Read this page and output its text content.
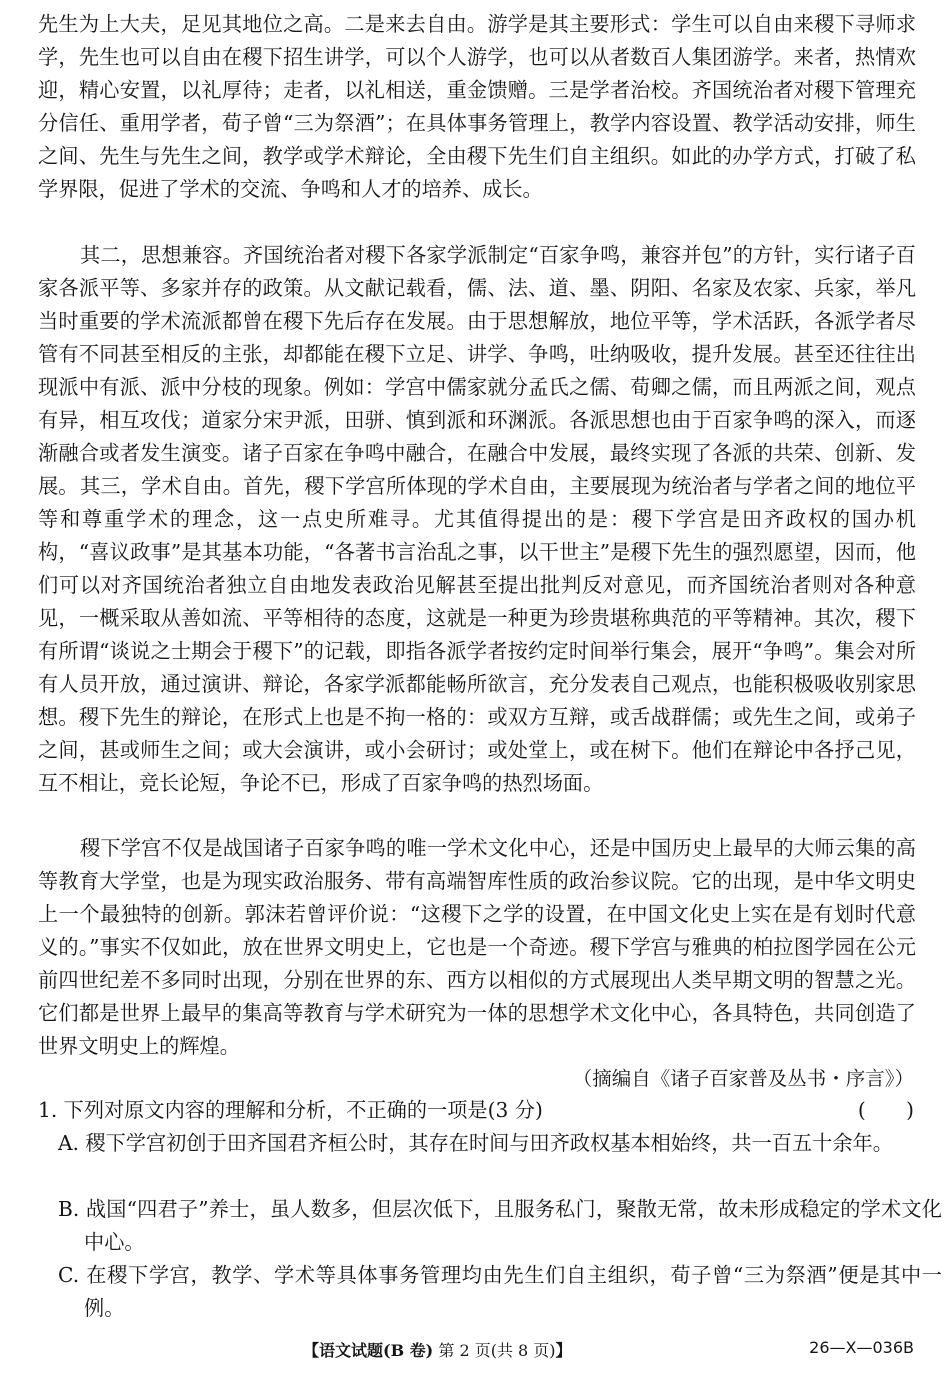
先生为上大夫，足见其地位之高。二是来去自由。游学是其主要形式：学生可以自由来稷下寻师求学，先生也可以自由在稷下招生讲学，可以个人游学，也可以从者数百人集团游学。来者，热情欢迎，精心安置，以礼厚待；走者，以礼相送，重金馈赠。三是学者治校。齐国统治者对稷下管理充分信任、重用学者，荀子曾“三为祭酒”；在具体事务管理上，教学内容设置、教学活动安排，师生之间、先生与先生之间，教学或学术辩论，全由稷下先生们自主组织。如此的办学方式，打破了私学界限，促进了学术的交流、争鸣和人才的培养、成长。

其二，思想兼容。齐国统治者对稷下各家学派制定“百家争鸣，兼容并包”的方针，实行诸子百家各派平等、多家并存的政策。从文献记载看，儒、法、道、墨、阴阳、名家及农家、兵家，举凡当时重要的学术流派都曾在稷下先后存在发展。由于思想解放，地位平等，学术活跃，各派学者尽管有不同甚至相反的主张，却都能在稷下立足、讲学、争鸣，吐纳吸收，提升发展。甚至还往往出现派中有派、派中分枝的现象。例如：学宫中儒家就分孟氏之儒、荀卿之儒，而且两派之间，观点有异，相互攻伐；道家分宋尹派，田骈、慎到派和环渊派。各派思想也由于百家争鸣的深入，而逐渐融合或者发生演变。诸子百家在争鸣中融合，在融合中发展，最终实现了各派的共荣、创新、发展。 其三，学术自由。首先，稷下学宫所体现的学术自由，主要展现为统治者与学者之间的地位平等和尊重学术的理念，这一点史所难寻。尤其值得提出的是：稷下学宫是田齐政权的国办机构，“喜议政事”是其基本功能，“各著书言治乱之事，以干世主”是稷下先生的强烈愿望，因而，他们可以对齐国统治者独立自由地发表政治见解甚至提出批判反对意见，而齐国统治者则对各种意见，一概采取从善如流、平等相待的态度，这就是一种更为珍贵堪称典范的平等精神。其次，稷下有所谓“谈说之士期会于稷下”的记载，即指各派学者按约定时间举行集会，展开“争鸣”。集会对所有人员开放，通过演讲、辩论，各家学派都能畅所欲言，充分发表自己观点，也能积极吸收别家思想。稷下先生的辩论，在形式上也是不拘一格的：或双方互辩，或舌战群儒；或先生之间，或弟子之间，甚或师生之间；或大会演讲，或小会研讨；或处堂上，或在树下。他们在辩论中各抒己见，互不相让，竞长论短，争论不已，形成了百家争鸣的热烈场面。

稷下学宫不仅是战国诸子百家争鸣的唯一学术文化中心，还是中国历史上最早的大师云集的高等教育大学堂，也是为现实政治服务、带有高端智库性质的政治参议院。它的出现，是中华文明史上一个最独特的创新。郭沫若曾评价说：“这稷下之学的设置，在中国文化史上实在是有划时代意义的。”事实不仅如此，放在世界文明史上，它也是一个奇迹。稷下学宫与雅典的柏拉图学园在公元前四世纪差不多同时出现，分别在世界的东、西方以相似的方式展现出人类早期文明的智慧之光。它们都是世界上最早的集高等教育与学术研究为一体的思想学术文化中心，各具特色，共同创造了世界文明史上的辉煌。

（摘编自《诸子百家普及丛书・序言》）

1. 下列对原文内容的理解和分析，不正确的一项是(3 分)	(　　)

A. 稷下学宫初创于田齐国君齐桓公时，其存在时间与田齐政权基本相始终，共一百五十余年。

B. 战国“四君子”养士，虽人数多，但层次低下，且服务私门，聚散无常，故未形成稳定的学术文化中心。

C. 在稷下学宫，教学、学术等具体事务管理均由先生们自主组织，荀子曾“三为祭酒”便是其中一例。

【语文试题(B 卷) 第 2 页(共 8 页)】	26—X—036B
